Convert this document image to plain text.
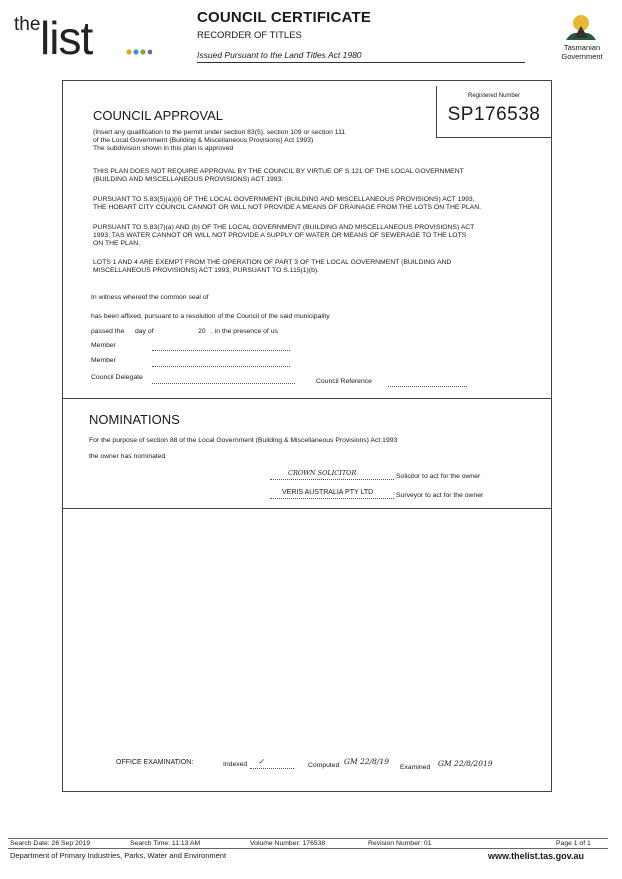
the list	COUNCIL CERTIFICATE
RECORDER OF TITLES
Issued Pursuant to the Land Titles Act 1980
Tasmanian
Government
Registered Number
SP176538
COUNCIL APPROVAL
(Insert any qualification to the permit under section 83(5), section 109 or section 111
of the Local Government (Building & Miscellaneous Provisions) Act 1993)
The subdivision shown in this plan is approved
THIS PLAN DOES NOT REQUIRE APPROVAL BY THE COUNCIL BY VIRTUE OF S.121 OF THE LOCAL GOVERNMENT
(BUILDING AND MISCELLANEOUS PROVISIONS) ACT 1993.
PURSUANT TO S.83(5)(a)(ii) OF THE LOCAL GOVERNMENT (BUILDING AND MISCELLANEOUS PROVISIONS) ACT 1993,
THE HOBART CITY COUNCIL CANNOT OR WILL NOT PROVIDE A MEANS OF DRAINAGE FROM THE LOTS ON THE PLAN.
PURSUANT TO S.83(7)(a) AND (b) OF THE LOCAL GOVERNMENT (BUILDING AND MISCELLANEOUS PROVISIONS) ACT
1993, TAS WATER CANNOT OR WILL NOT PROVIDE A SUPPLY OF WATER OR MEANS OF SEWERAGE TO THE LOTS
ON THE PLAN.
LOTS 1 AND 4 ARE EXEMPT FROM THE OPERATION OF PART 3 OF THE LOCAL GOVERNMENT (BUILDING AND
MISCELLANEOUS PROVISIONS) ACT 1993, PURSUANT TO S.115(1)(b).
In witness whereof the common seal of
has been affixed, pursuant to a resolution of the Council of the said municipality
passed the day of	20 , in the presence of us
Member
Member
Council Delegate
Council Reference
NOMINATIONS
For the purpose of section 88 of the Local Government (Building & Miscellaneous Provisions) Act 1993
the owner has nominated
CROWN SOLICITOR	Solicitor to act for the owner
VERIS AUSTRALIA PTY LTD	Surveyor to act for the owner
OFFICE EXAMINATION:	Indexed ✓	Computed GM 22/8/19
Examined GM 22/8/2019
Search Date: 26 Sep 2019	Search Time: 11:13 AM	Volume Number: 176538	Revision Number: 01	Page 1 of 1
Department of Primary Industries, Parks, Water and Environment	www.thelist.tas.gov.au
